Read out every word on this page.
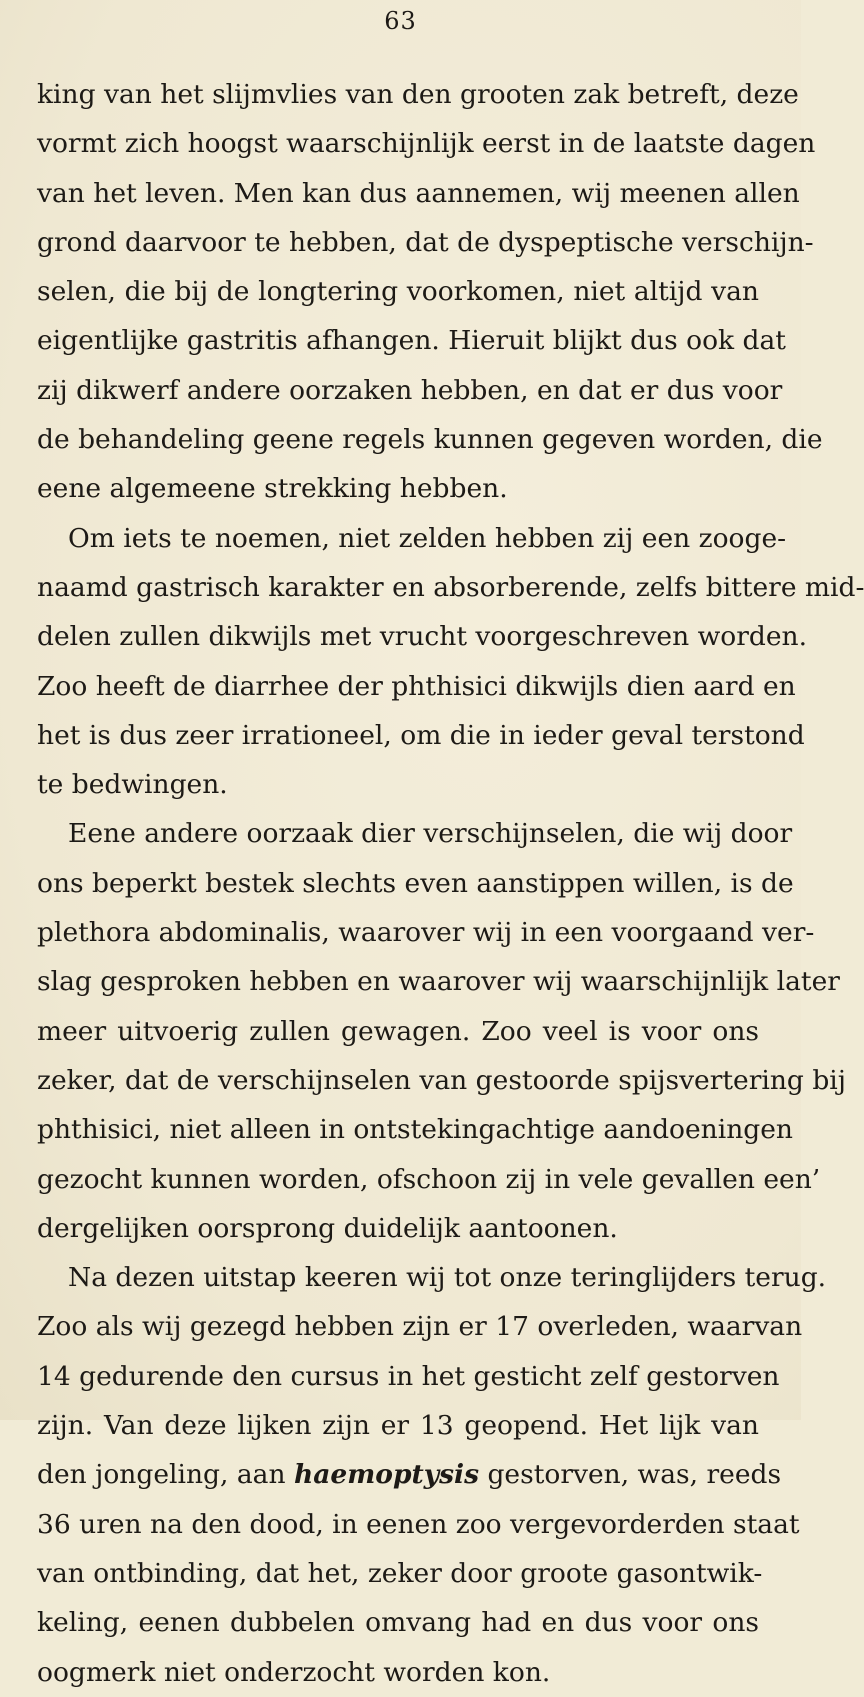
63
king van het slijmvlies van den grooten zak betreft, deze
vormt zich hoogst waarschijnlijk eerst in de laatste dagen
van het leven. Men kan dus aannemen, wij meenen allen
grond daarvoor te hebben, dat de dyspeptische verschijn-
selen, die bij de longtering voorkomen, niet altijd van
eigentlijke gastritis afhangen. Hieruit blijkt dus ook dat
zij dikwerf andere oorzaken hebben, en dat er dus voor
de behandeling geene regels kunnen gegeven worden, die
eene algemeene strekking hebben.
Om iets te noemen, niet zelden hebben zij een zooge-
naamd gastrisch karakter en absorberende, zelfs bittere mid-
delen zullen dikwijls met vrucht voorgeschreven worden.
Zoo heeft de diarrhee der phthisici dikwijls dien aard en
het is dus zeer irrationeel, om die in ieder geval terstond
te bedwingen.
Eene andere oorzaak dier verschijnselen, die wij door
ons beperkt bestek slechts even aanstippen willen, is de
plethora abdominalis, waarover wij in een voorgaand ver-
slag gesproken hebben en waarover wij waarschijnlijk later
meer uitvoerig zullen gewagen. Zoo veel is voor ons
zeker, dat de verschijnselen van gestoorde spijsvertering bij
phthisici, niet alleen in ontstekingachtige aandoeningen
gezocht kunnen worden, ofschoon zij in vele gevallen een’
dergelijken oorsprong duidelijk aantoonen.
Na dezen uitstap keeren wij tot onze teringlijders terug.
Zoo als wij gezegd hebben zijn er 17 overleden, waarvan
14 gedurende den cursus in het gesticht zelf gestorven
zijn. Van deze lijken zijn er 13 geopend. Het lijk van
den jongeling, aan haemoptysis gestorven, was, reeds
36 uren na den dood, in eenen zoo vergevorderden staat
van ontbinding, dat het, zeker door groote gasontwik-
keling, eenen dubbelen omvang had en dus voor ons
oogmerk niet onderzocht worden kon.
